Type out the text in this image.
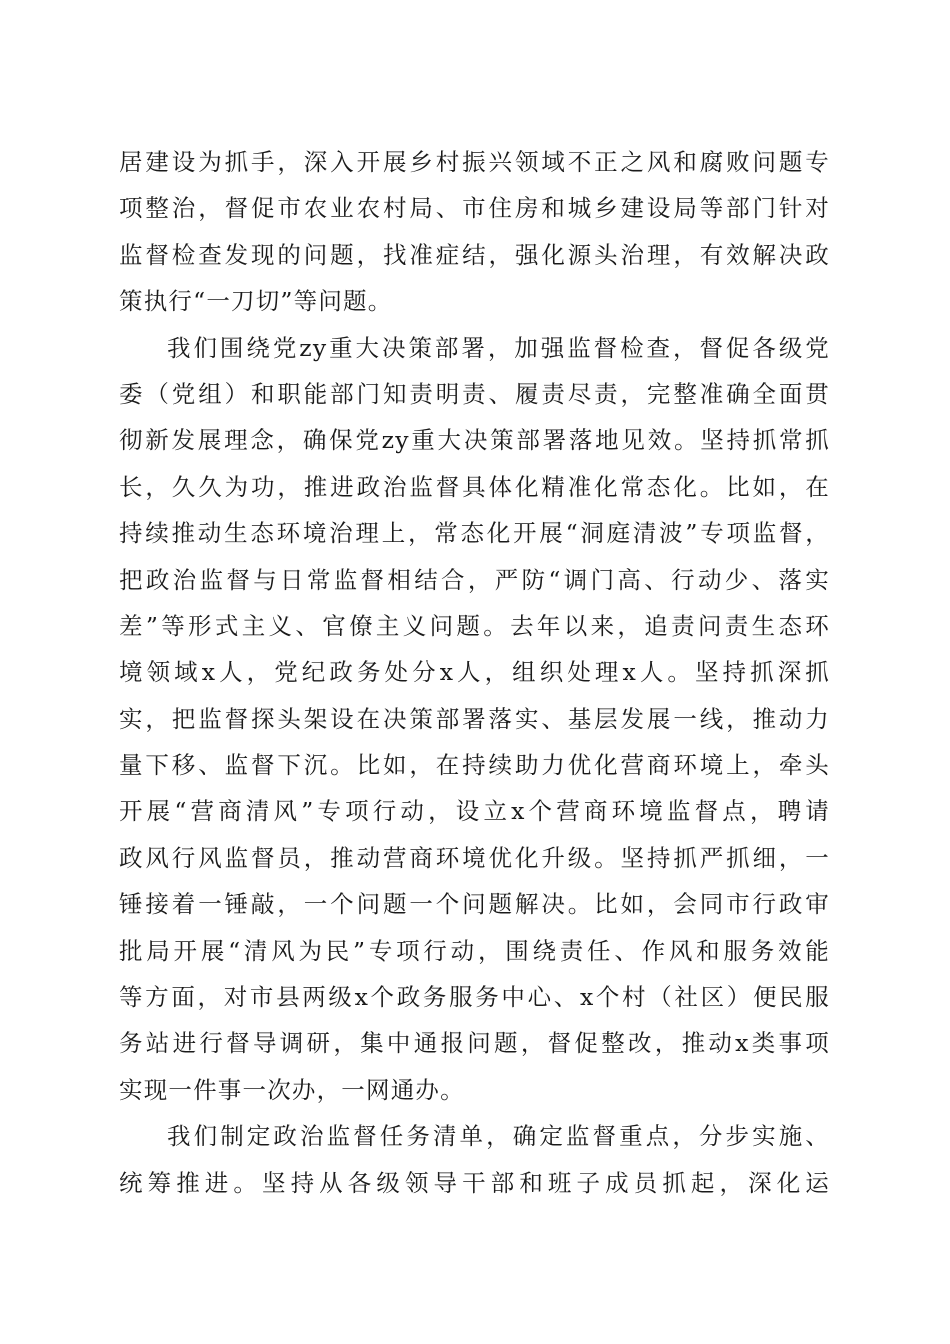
居建设为抓手，深入开展乡村振兴领域不正之风和腐败问题专
项整治，督促市农业农村局、市住房和城乡建设局等部门针对
监督检查发现的问题，找准症结，强化源头治理，有效解决政
策执行“一刀切”等问题。
我们围绕党zy重大决策部署，加强监督检查，督促各级党
委（党组）和职能部门知责明责、履责尽责，完整准确全面贯
彻新发展理念，确保党zy重大决策部署落地见效。坚持抓常抓
长，久久为功，推进政治监督具体化精准化常态化。比如，在
持续推动生态环境治理上，常态化开展“洞庭清波”专项监督，
把政治监督与日常监督相结合，严防“调门高、行动少、落实
差”等形式主义、官僚主义问题。去年以来，追责问责生态环
境领域x人，党纪政务处分x人，组织处理x人。坚持抓深抓
实，把监督探头架设在决策部署落实、基层发展一线，推动力
量下移、监督下沉。比如，在持续助力优化营商环境上，牵头
开展“营商清风”专项行动，设立x个营商环境监督点，聘请
政风行风监督员，推动营商环境优化升级。坚持抓严抓细，一
锤接着一锤敲，一个问题一个问题解决。比如，会同市行政审
批局开展“清风为民”专项行动，围绕责任、作风和服务效能
等方面，对市县两级x个政务服务中心、x个村（社区）便民服
务站进行督导调研，集中通报问题，督促整改，推动x类事项
实现一件事一次办，一网通办。
我们制定政治监督任务清单，确定监督重点，分步实施、
统筹推进。坚持从各级领导干部和班子成员抓起，深化运
